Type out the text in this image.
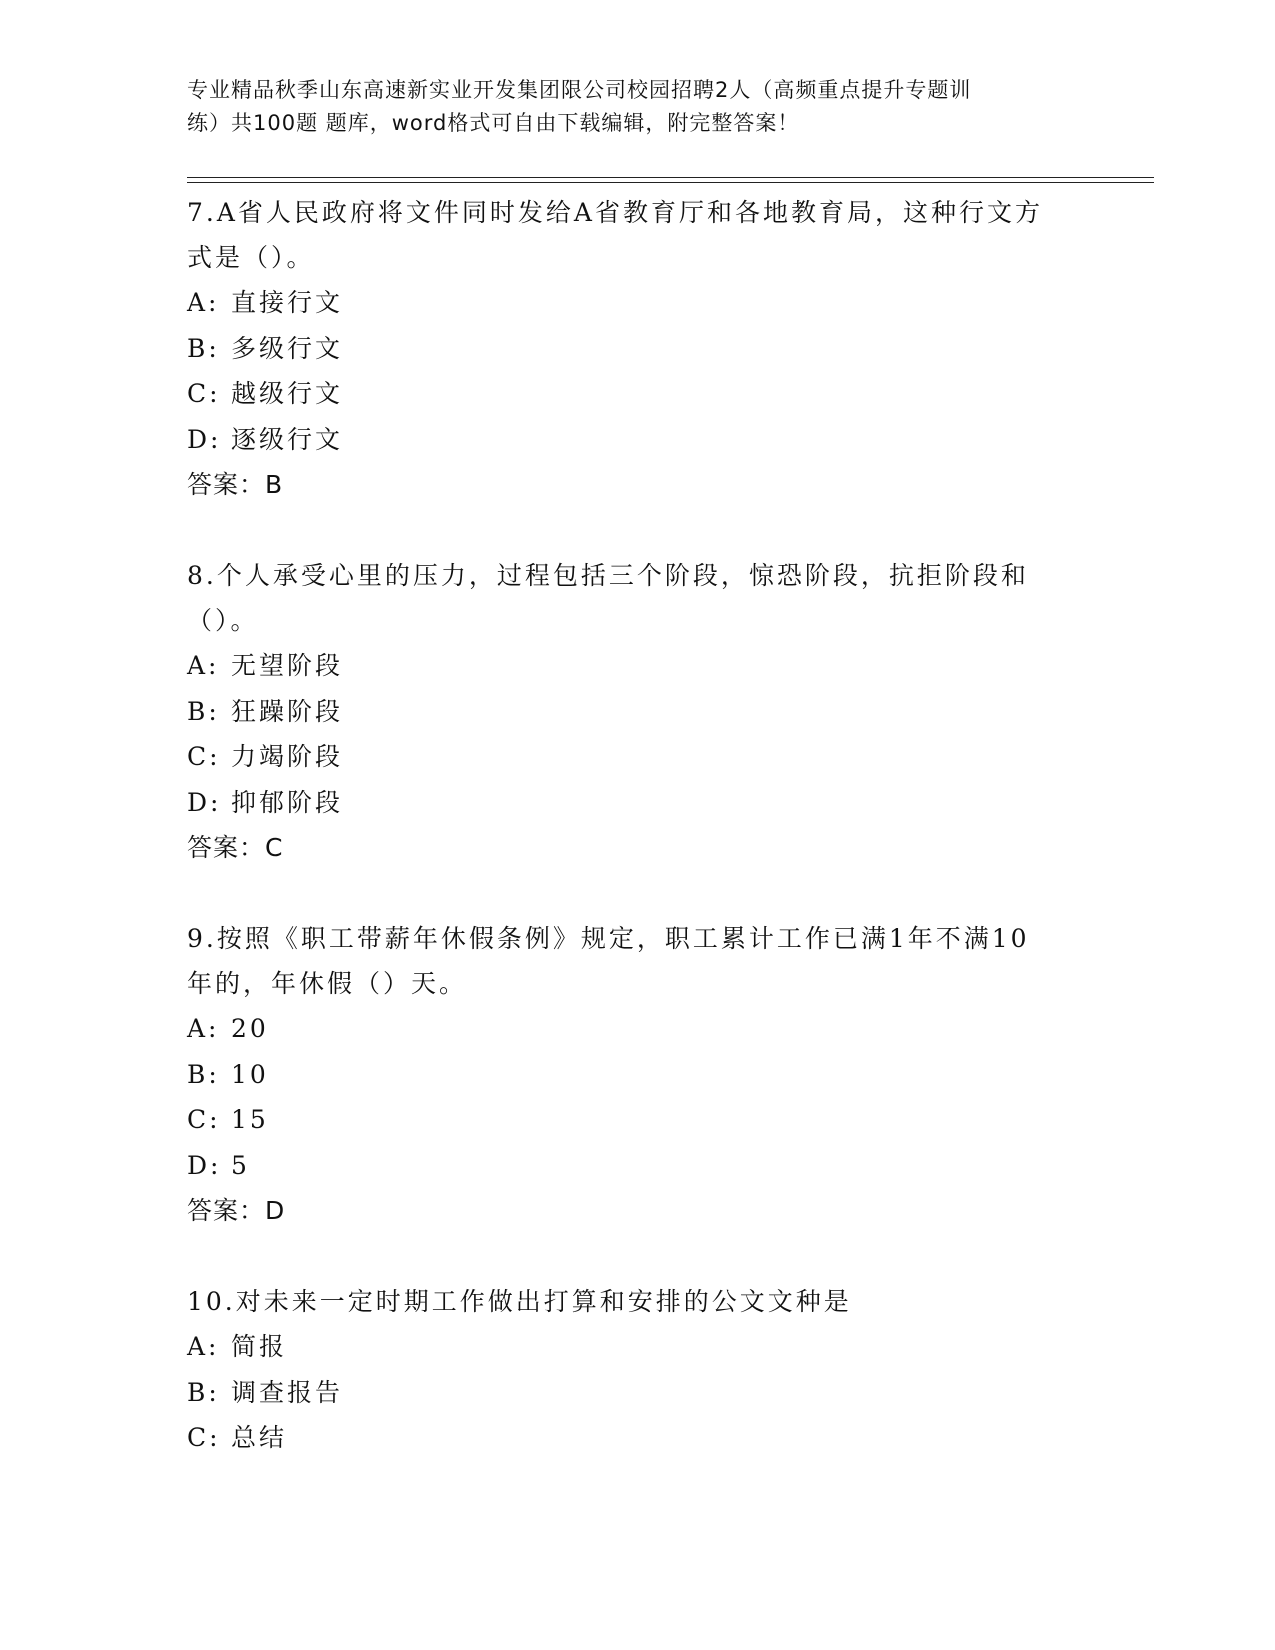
专业精品秋季山东高速新实业开发集团限公司校园招聘2人（高频重点提升专题训
练）共100题 题库，word格式可自由下载编辑，附完整答案！
7.A省人民政府将文件同时发给A省教育厅和各地教育局，这种行文方
式是（）。
A: 直接行文
B: 多级行文
C: 越级行文
D: 逐级行文
答案：B
8.个人承受心里的压力，过程包括三个阶段，惊恐阶段，抗拒阶段和
（）。
A: 无望阶段
B: 狂躁阶段
C: 力竭阶段
D: 抑郁阶段
答案：C
9.按照《职工带薪年休假条例》规定，职工累计工作已满1年不满10
年的，年休假（）天。
A: 20
B: 10
C: 15
D: 5
答案：D
10.对未来一定时期工作做出打算和安排的公文文种是
A: 简报
B: 调查报告
C: 总结
